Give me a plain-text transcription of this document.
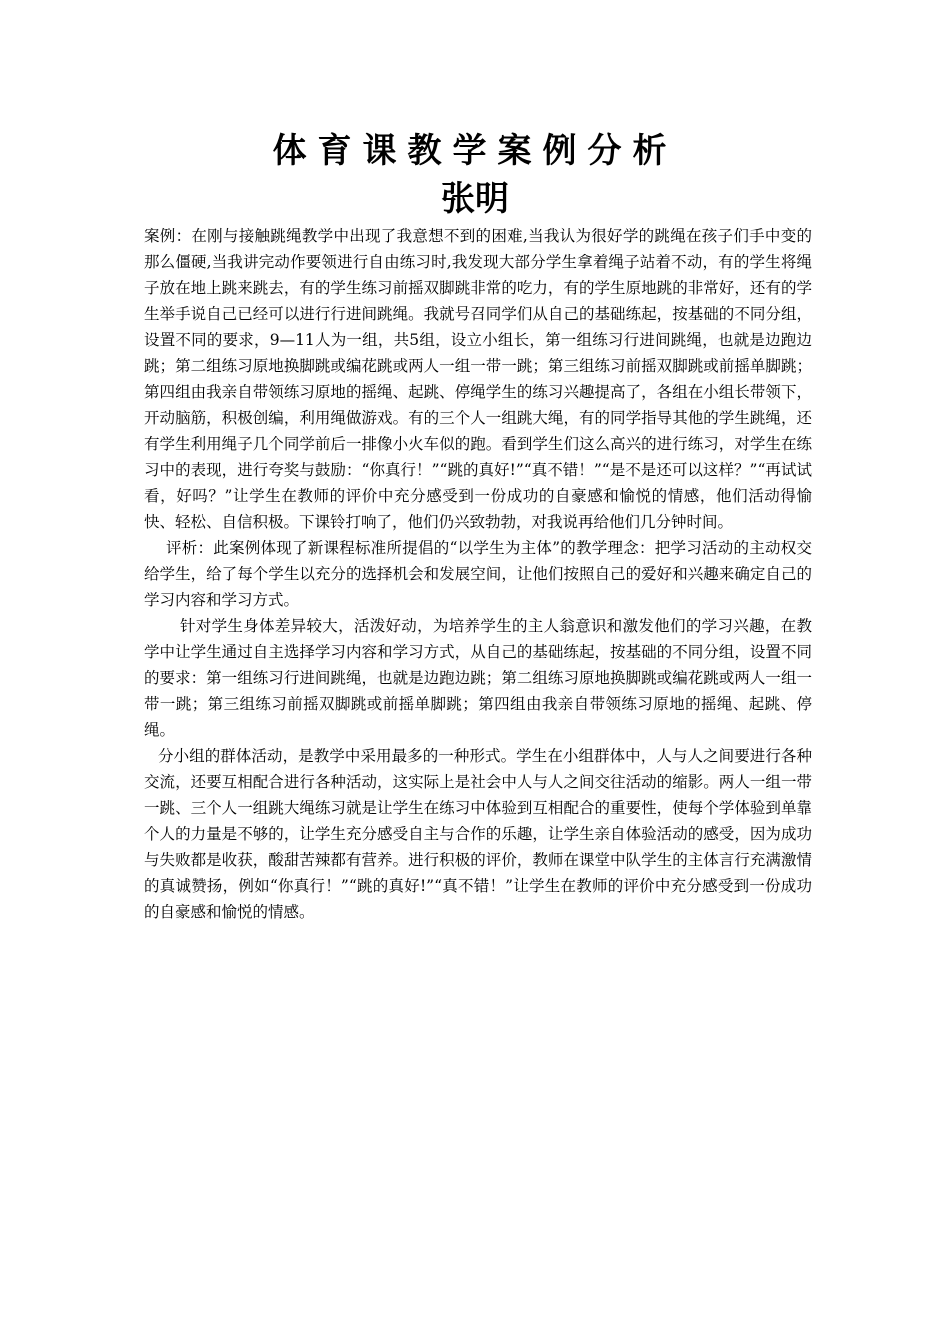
体育课教学案例分析
张明

案例：在刚与接触跳绳教学中出现了我意想不到的困难,当我认为很好学的跳绳在孩子们手中变的那么僵硬,当我讲完动作要领进行自由练习时,我发现大部分学生拿着绳子站着不动，有的学生将绳子放在地上跳来跳去，有的学生练习前摇双脚跳非常的吃力，有的学生原地跳的非常好，还有的学生举手说自己已经可以进行行进间跳绳。我就号召同学们从自己的基础练起，按基础的不同分组，设置不同的要求，9—11人为一组，共5组，设立小组长，第一组练习行进间跳绳，也就是边跑边跳；第二组练习原地换脚跳或编花跳或两人一组一带一跳；第三组练习前摇双脚跳或前摇单脚跳；第四组由我亲自带领练习原地的摇绳、起跳、停绳学生的练习兴趣提高了，各组在小组长带领下，开动脑筋，积极创编，利用绳做游戏。有的三个人一组跳大绳，有的同学指导其他的学生跳绳，还有学生利用绳子几个同学前后一排像小火车似的跑。看到学生们这么高兴的进行练习，对学生在练习中的表现，进行夸奖与鼓励：“你真行！”“跳的真好!”“真不错！”“是不是还可以这样？”“再试试看，好吗？”让学生在教师的评价中充分感受到一份成功的自豪感和愉悦的情感，他们活动得愉快、轻松、自信积极。下课铃打响了，他们仍兴致勃勃，对我说再给他们几分钟时间。

评析：此案例体现了新课程标准所提倡的“以学生为主体”的教学理念：把学习活动的主动权交给学生，给了每个学生以充分的选择机会和发展空间，让他们按照自己的爱好和兴趣来确定自己的学习内容和学习方式。

针对学生身体差异较大，活泼好动，为培养学生的主人翁意识和激发他们的学习兴趣，在教学中让学生通过自主选择学习内容和学习方式，从自己的基础练起，按基础的不同分组，设置不同的要求：第一组练习行进间跳绳，也就是边跑边跳；第二组练习原地换脚跳或编花跳或两人一组一带一跳；第三组练习前摇双脚跳或前摇单脚跳；第四组由我亲自带领练习原地的摇绳、起跳、停绳。

分小组的群体活动，是教学中采用最多的一种形式。学生在小组群体中，人与人之间要进行各种交流，还要互相配合进行各种活动，这实际上是社会中人与人之间交往活动的缩影。两人一组一带一跳、三个人一组跳大绳练习就是让学生在练习中体验到互相配合的重要性，使每个学体验到单靠个人的力量是不够的，让学生充分感受自主与合作的乐趣，让学生亲自体验活动的感受，因为成功与失败都是收获，酸甜苦辣都有营养。进行积极的评价，教师在课堂中队学生的主体言行充满激情的真诚赞扬，例如“你真行！”“跳的真好!”“真不错！”让学生在教师的评价中充分感受到一份成功的自豪感和愉悦的情感。
